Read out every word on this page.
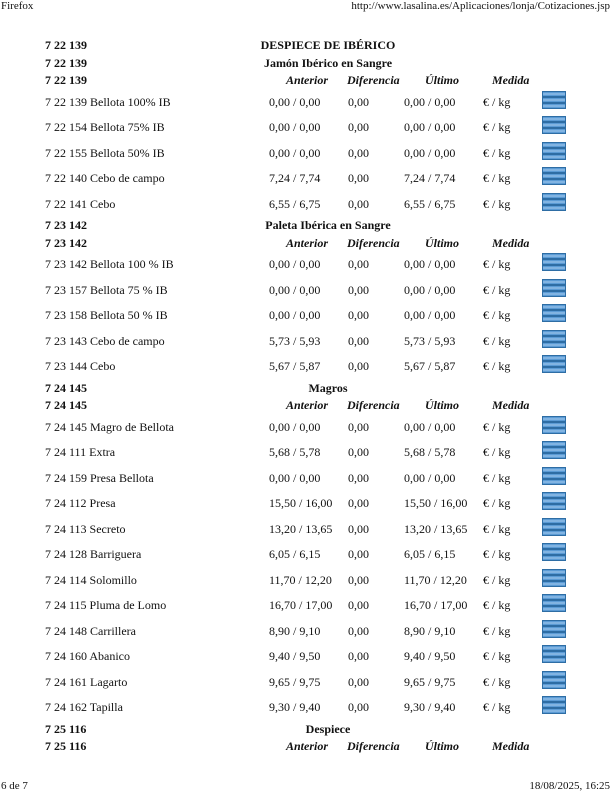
Firefox	http://www.lasalina.es/Aplicaciones/lonja/Cotizaciones.jsp
7 22 139	DESPIECE DE IBÉRICO
7 22 139	Jamón Ibérico en Sangre
7 22 139	Anterior Diferencia Último	Medida
7 22 139 Bellota 100% IB	0,00 / 0,00 0,00	0,00 / 0,00 € / kg
7 22 154 Bellota 75% IB	0,00 / 0,00 0,00	0,00 / 0,00 € / kg
7 22 155 Bellota 50% IB	0,00 / 0,00 0,00	0,00 / 0,00 € / kg
7 22 140 Cebo de campo	7,24 / 7,74 0,00	7,24 / 7,74 € / kg
7 22 141 Cebo	6,55 / 6,75 0,00	6,55 / 6,75 € / kg
7 23 142	Paleta Ibérica en Sangre
7 23 142	Anterior Diferencia Último	Medida
7 23 142 Bellota 100 % IB	0,00 / 0,00 0,00	0,00 / 0,00 € / kg
7 23 157 Bellota 75 % IB	0,00 / 0,00 0,00	0,00 / 0,00 € / kg
7 23 158 Bellota 50 % IB	0,00 / 0,00 0,00	0,00 / 0,00 € / kg
7 23 143 Cebo de campo	5,73 / 5,93 0,00	5,73 / 5,93 € / kg
7 23 144 Cebo	5,67 / 5,87 0,00	5,67 / 5,87 € / kg
7 24 145	Magros
7 24 145	Anterior Diferencia Último	Medida
7 24 145 Magro de Bellota	0,00 / 0,00 0,00	0,00 / 0,00 € / kg
7 24 111 Extra	5,68 / 5,78 0,00	5,68 / 5,78 € / kg
7 24 159 Presa Bellota	0,00 / 0,00 0,00	0,00 / 0,00 € / kg
7 24 112 Presa	15,50 / 16,00 0,00	15,50 / 16,00 € / kg
7 24 113 Secreto	13,20 / 13,65 0,00	13,20 / 13,65 € / kg
7 24 128 Barriguera	6,05 / 6,15 0,00	6,05 / 6,15 € / kg
7 24 114 Solomillo	11,70 / 12,20 0,00	11,70 / 12,20 € / kg
7 24 115 Pluma de Lomo	16,70 / 17,00 0,00	16,70 / 17,00 € / kg
7 24 148 Carrillera	8,90 / 9,10 0,00	8,90 / 9,10 € / kg
7 24 160 Abanico	9,40 / 9,50 0,00	9,40 / 9,50 € / kg
7 24 161 Lagarto	9,65 / 9,75 0,00	9,65 / 9,75 € / kg
7 24 162 Tapilla	9,30 / 9,40 0,00	9,30 / 9,40 € / kg
7 25 116	Despiece
7 25 116	Anterior Diferencia Último	Medida
6 de 7	18/08/2025, 16:25
